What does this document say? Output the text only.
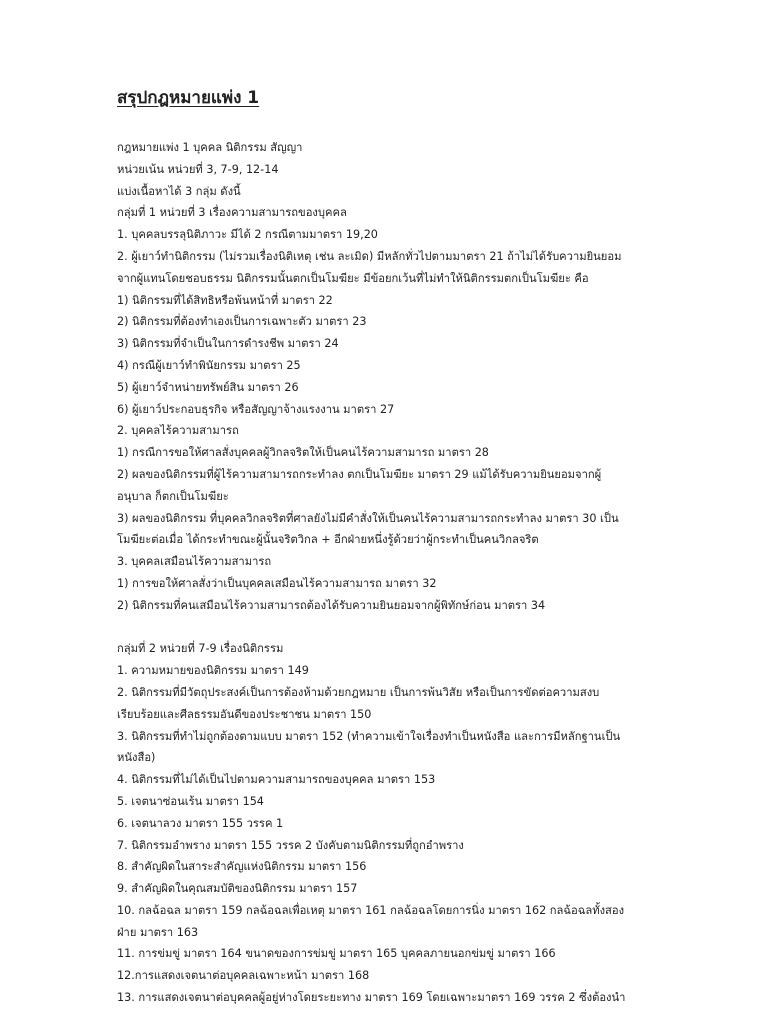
สรุปกฎหมายแพ่ง 1
กฎหมายแพ่ง 1 บุคคล นิติกรรม สัญญา
หน่วยเน้น หน่วยที่ 3, 7-9, 12-14
แบ่งเนื้อหาได้ 3 กลุ่ม ดังนี้
กลุ่มที่ 1 หน่วยที่ 3 เรื่องความสามารถของบุคคล
1. บุคคลบรรลุนิติภาวะ มีได้ 2 กรณีตามมาตรา 19,20
2. ผู้เยาว์ทำนิติกรรม (ไม่รวมเรื่องนิติเหตุ เช่น ละเมิด) มีหลักทั่วไปตามมาตรา 21 ถ้าไม่ได้รับความยินยอม
จากผู้แทนโดยชอบธรรม นิติกรรมนั้นตกเป็นโมฆียะ มีข้อยกเว้นที่ไม่ทำให้นิติกรรมตกเป็นโมฆียะ คือ
1) นิติกรรมที่ได้สิทธิหรือพ้นหน้าที่ มาตรา 22
2) นิติกรรมที่ต้องทำเองเป็นการเฉพาะตัว มาตรา 23
3) นิติกรรมที่จำเป็นในการดำรงชีพ มาตรา 24
4) กรณีผู้เยาว์ทำพินัยกรรม มาตรา 25
5) ผู้เยาว์จำหน่ายทรัพย์สิน มาตรา 26
6) ผู้เยาว์ประกอบธุรกิจ หรือสัญญาจ้างแรงงาน มาตรา 27
2. บุคคลไร้ความสามารถ
1) กรณีการขอให้ศาลสั่งบุคคลผู้วิกลจริตให้เป็นคนไร้ความสามารถ มาตรา 28
2) ผลของนิติกรรมที่ผู้ไร้ความสามารถกระทำลง ตกเป็นโมฆียะ มาตรา 29 แม้ได้รับความยินยอมจากผู้
อนุบาล ก็ตกเป็นโมฆียะ
3) ผลของนิติกรรม ที่บุคคลวิกลจริตที่ศาลยังไม่มีคำสั่งให้เป็นคนไร้ความสามารถกระทำลง มาตรา 30 เป็น
โมฆียะต่อเมื่อ ได้กระทำขณะผู้นั้นจริตวิกล + อีกฝ่ายหนึ่งรู้ด้วยว่าผู้กระทำเป็นคนวิกลจริต
3. บุคคลเสมือนไร้ความสามารถ
1) การขอให้ศาลสั่งว่าเป็นบุคคลเสมือนไร้ความสามารถ มาตรา 32
2) นิติกรรมที่คนเสมือนไร้ความสามารถต้องได้รับความยินยอมจากผู้พิทักษ์ก่อน มาตรา 34
กลุ่มที่ 2 หน่วยที่ 7-9 เรื่องนิติกรรม
1. ความหมายของนิติกรรม มาตรา 149
2. นิติกรรมที่มีวัตถุประสงค์เป็นการต้องห้ามด้วยกฎหมาย เป็นการพ้นวิสัย หรือเป็นการขัดต่อความสงบ
เรียบร้อยและศีลธรรมอันดีของประชาชน มาตรา 150
3. นิติกรรมที่ทำไม่ถูกต้องตามแบบ มาตรา 152 (ทำความเข้าใจเรื่องทำเป็นหนังสือ และการมีหลักฐานเป็น
หนังสือ)
4. นิติกรรมที่ไม่ได้เป็นไปตามความสามารถของบุคคล มาตรา 153
5. เจตนาซ่อนเร้น มาตรา 154
6. เจตนาลวง มาตรา 155 วรรค 1
7. นิติกรรมอำพราง มาตรา 155 วรรค 2 บังคับตามนิติกรรมที่ถูกอำพราง
8. สำคัญผิดในสาระสำคัญแห่งนิติกรรม มาตรา 156
9. สำคัญผิดในคุณสมบัติของนิติกรรม มาตรา 157
10. กลฉ้อฉล มาตรา 159 กลฉ้อฉลเพื่อเหตุ มาตรา 161 กลฉ้อฉลโดยการนิ่ง มาตรา 162 กลฉ้อฉลทั้งสอง
ฝ่าย มาตรา 163
11. การข่มขู่ มาตรา 164 ขนาดของการข่มขู่ มาตรา 165 บุคคลภายนอกข่มขู่ มาตรา 166
12.การแสดงเจตนาต่อบุคคลเฉพาะหน้า มาตรา 168
13. การแสดงเจตนาต่อบุคคลผู้อยู่ห่างโดยระยะทาง มาตรา 169 โดยเฉพาะมาตรา 169 วรรค 2 ซึ่งต้องนำ
